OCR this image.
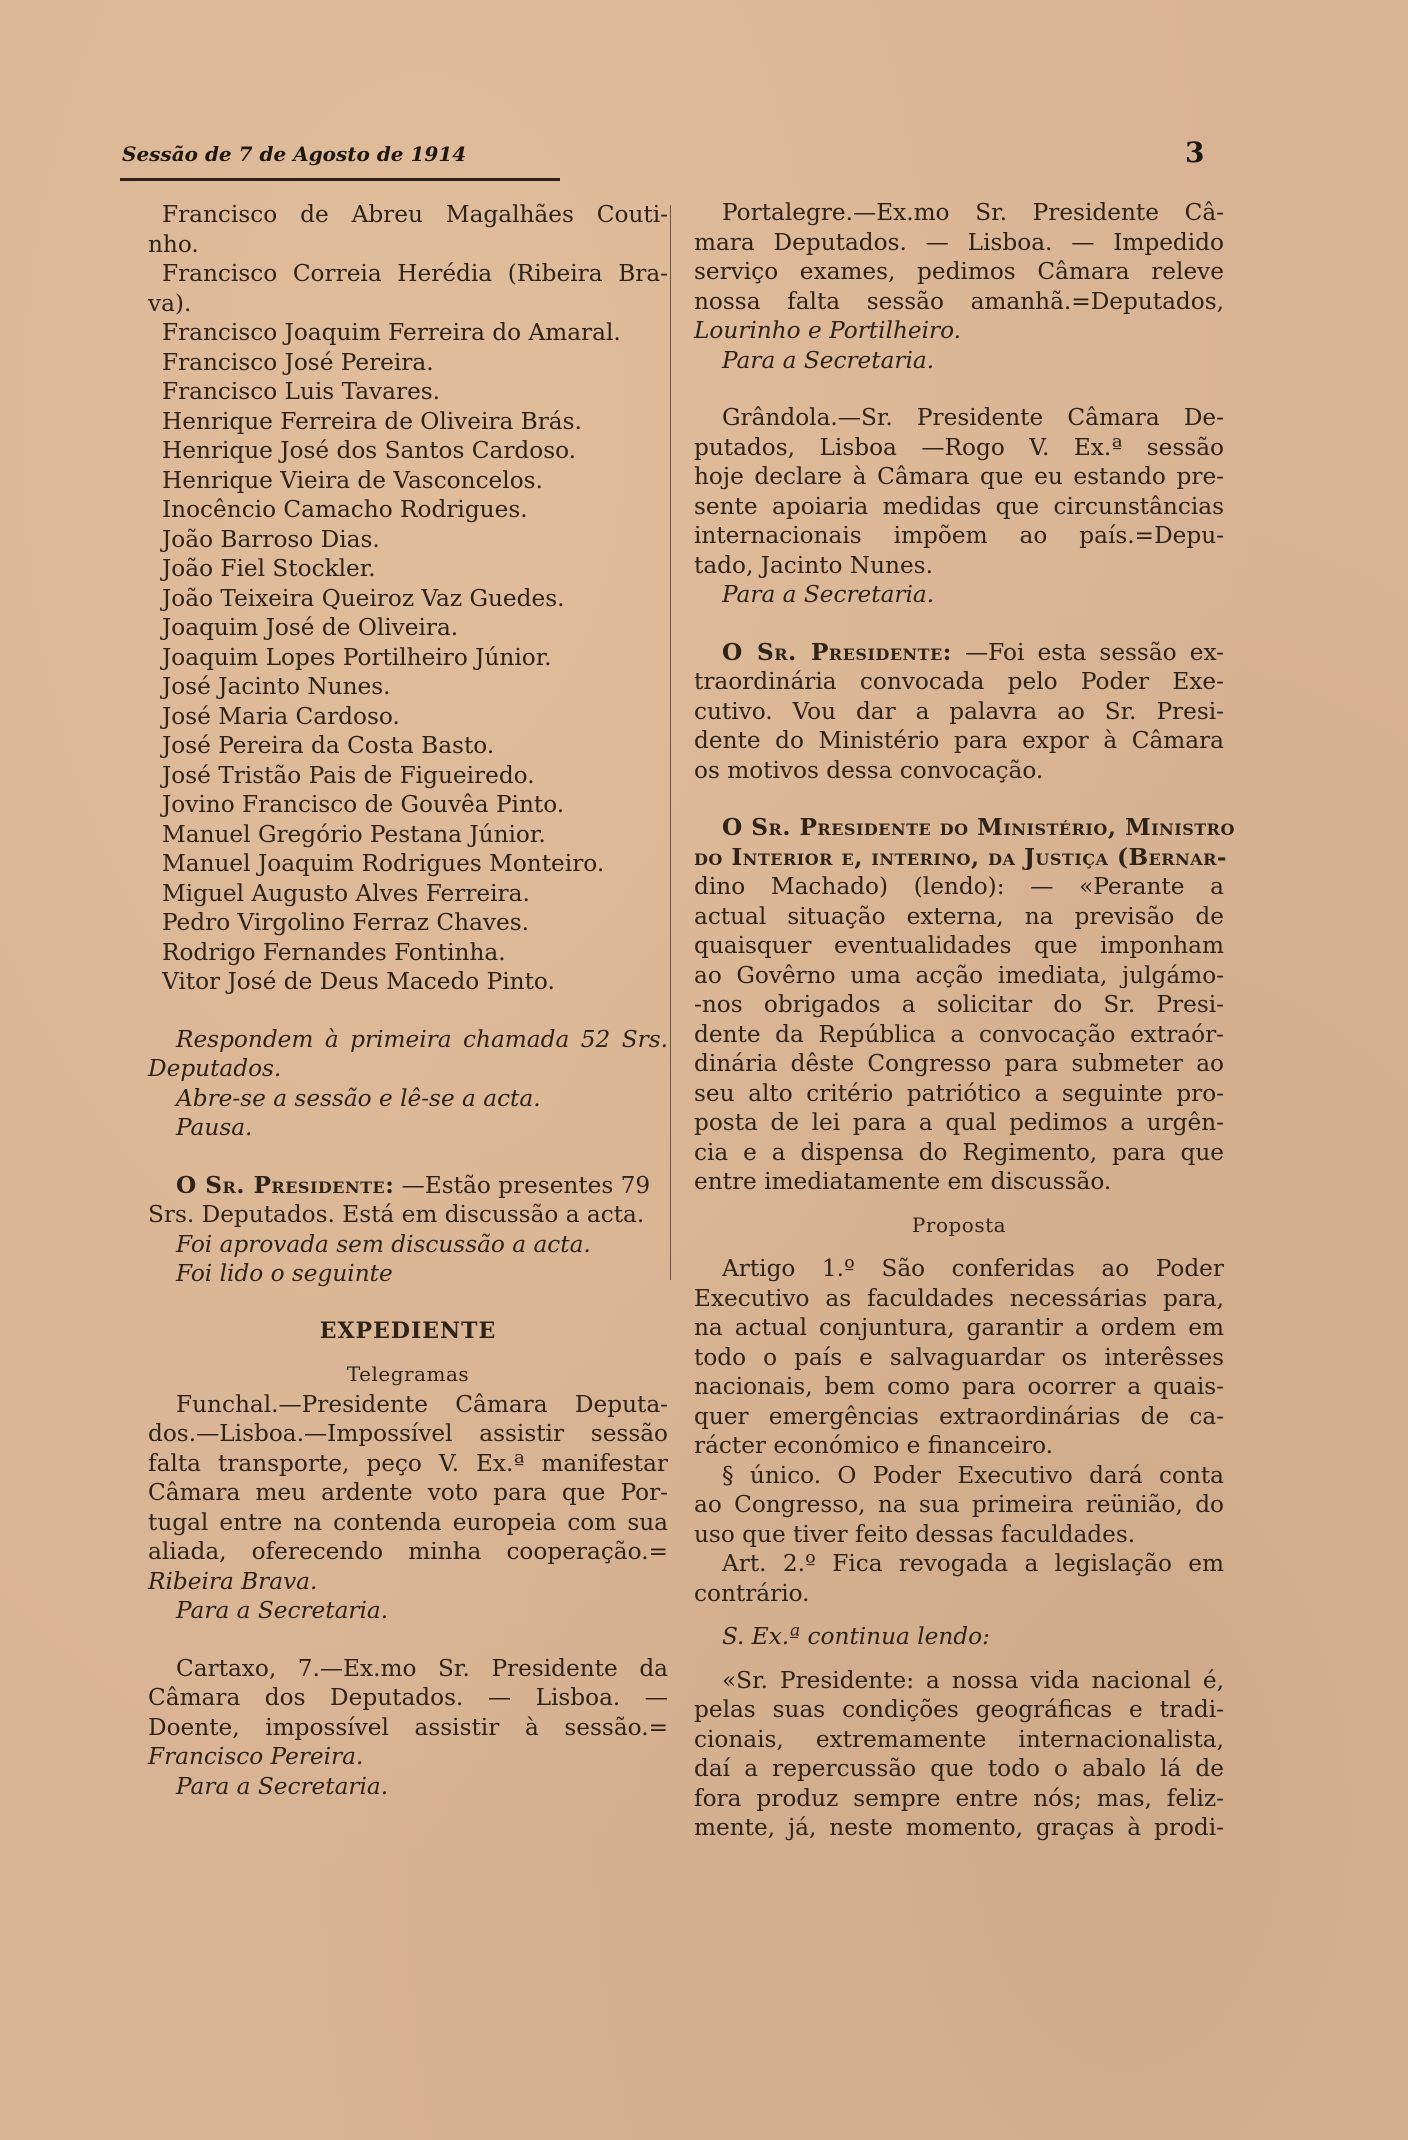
Sessão de 7 de Agosto de 1914	3
Francisco de Abreu Magalhães Couti-
nho.
Francisco Correia Herédia (Ribeira Bra-
va).
Francisco Joaquim Ferreira do Amaral.
Francisco José Pereira.
Francisco Luis Tavares.
Henrique Ferreira de Oliveira Brás.
Henrique José dos Santos Cardoso.
Henrique Vieira de Vasconcelos.
Inocêncio Camacho Rodrigues.
João Barroso Dias.
João Fiel Stockler.
João Teixeira Queiroz Vaz Guedes.
Joaquim José de Oliveira.
Joaquim Lopes Portilheiro Júnior.
José Jacinto Nunes.
José Maria Cardoso.
José Pereira da Costa Basto.
José Tristão Pais de Figueiredo.
Jovino Francisco de Gouvêa Pinto.
Manuel Gregório Pestana Júnior.
Manuel Joaquim Rodrigues Monteiro.
Miguel Augusto Alves Ferreira.
Pedro Virgolino Ferraz Chaves.
Rodrigo Fernandes Fontinha.
Vitor José de Deus Macedo Pinto.
Respondem à primeira chamada 52 Srs.
Deputados.
Abre-se a sessão e lê-se a acta.
Pausa.
O Sr. Presidente: —Estão presentes 79
Srs. Deputados. Está em discussão a acta.
Foi aprovada sem discussão a acta.
Foi lido o seguinte
EXPEDIENTE
Telegramas
Funchal.—Presidente Câmara Deputa-
dos.—Lisboa.—Impossível assistir sessão
falta transporte, peço V. Ex.ª manifestar
Câmara meu ardente voto para que Por-
tugal entre na contenda europeia com sua
aliada, oferecendo minha cooperação.=
Ribeira Brava.
Para a Secretaria.
Cartaxo, 7.—Ex.mo Sr. Presidente da
Câmara dos Deputados. — Lisboa. —
Doente, impossível assistir à sessão.=
Francisco Pereira.
Para a Secretaria.
Portalegre.—Ex.mo Sr. Presidente Câ-
mara Deputados. — Lisboa. — Impedido
serviço exames, pedimos Câmara releve
nossa falta sessão amanhã.=Deputados,
Lourinho e Portilheiro.
Para a Secretaria.
Grândola.—Sr. Presidente Câmara De-
putados, Lisboa —Rogo V. Ex.ª sessão
hoje declare à Câmara que eu estando pre-
sente apoiaria medidas que circunstâncias
internacionais impõem ao país.=Depu-
tado, Jacinto Nunes.
Para a Secretaria.
O Sr. Presidente: —Foi esta sessão ex-
traordinária convocada pelo Poder Exe-
cutivo. Vou dar a palavra ao Sr. Presi-
dente do Ministério para expor à Câmara
os motivos dessa convocação.
O Sr. Presidente do Ministério, Ministro
do Interior e, interino, da Justiça (Bernar-
dino Machado) (lendo): — «Perante a
actual situação externa, na previsão de
quaisquer eventualidades que imponham
ao Govêrno uma acção imediata, julgámo-
-nos obrigados a solicitar do Sr. Presi-
dente da República a convocação extraór-
dinária dêste Congresso para submeter ao
seu alto critério patriótico a seguinte pro-
posta de lei para a qual pedimos a urgên-
cia e a dispensa do Regimento, para que
entre imediatamente em discussão.
Proposta
Artigo 1.º São conferidas ao Poder
Executivo as faculdades necessárias para,
na actual conjuntura, garantir a ordem em
todo o país e salvaguardar os interêsses
nacionais, bem como para ocorrer a quais-
quer emergências extraordinárias de ca-
rácter económico e financeiro.
§ único. O Poder Executivo dará conta
ao Congresso, na sua primeira reünião, do
uso que tiver feito dessas faculdades.
Art. 2.º Fica revogada a legislação em
contrário.
S. Ex.ª continua lendo:
«Sr. Presidente: a nossa vida nacional é,
pelas suas condições geográficas e tradi-
cionais, extremamente internacionalista,
daí a repercussão que todo o abalo lá de
fora produz sempre entre nós; mas, feliz-
mente, já, neste momento, graças à prodi-
